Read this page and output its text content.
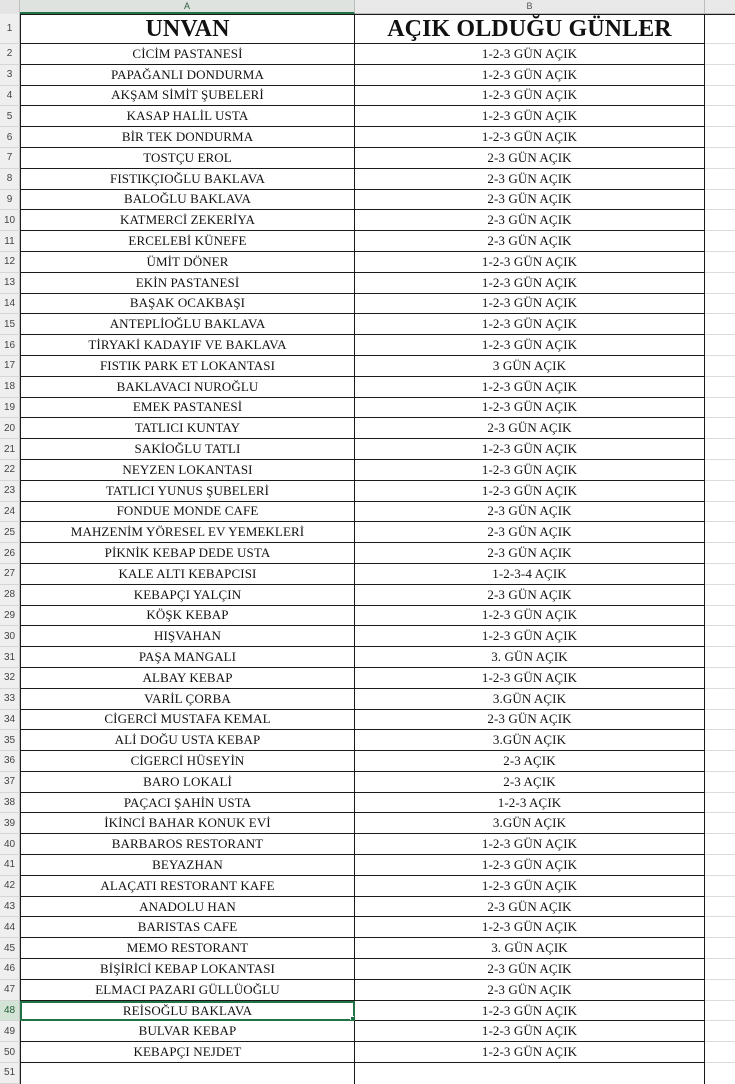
A	B
1	UNVAN	AÇIK OLDUĞU GÜNLER
2	CİCİM PASTANESİ	1-2-3 GÜN AÇIK
3	PAPAĞANLI DONDURMA	1-2-3 GÜN AÇIK
4	AKŞAM SİMİT ŞUBELERİ	1-2-3 GÜN AÇIK
5	KASAP HALİL USTA	1-2-3 GÜN AÇIK
6	BİR TEK DONDURMA	1-2-3 GÜN AÇIK
7	TOSTÇU EROL	2-3 GÜN AÇIK
8	FISTIKÇIOĞLU BAKLAVA	2-3 GÜN AÇIK
9	BALOĞLU BAKLAVA	2-3 GÜN AÇIK
10	KATMERCİ ZEKERİYA	2-3 GÜN AÇIK
11	ERCELEBİ KÜNEFE	2-3 GÜN AÇIK
12	ÜMİT DÖNER	1-2-3 GÜN AÇIK
13	EKİN PASTANESİ	1-2-3 GÜN AÇIK
14	BAŞAK OCAKBAŞI	1-2-3 GÜN AÇIK
15	ANTEPLİOĞLU BAKLAVA	1-2-3 GÜN AÇIK
16	TİRYAKİ KADAYIF VE BAKLAVA	1-2-3 GÜN AÇIK
17	FISTIK PARK ET LOKANTASI	3 GÜN AÇIK
18	BAKLAVACI NUROĞLU	1-2-3 GÜN AÇIK
19	EMEK PASTANESİ	1-2-3 GÜN AÇIK
20	TATLICI KUNTAY	2-3 GÜN AÇIK
21	SAKİOĞLU TATLI	1-2-3 GÜN AÇIK
22	NEYZEN LOKANTASI	1-2-3 GÜN AÇIK
23	TATLICI YUNUS ŞUBELERİ	1-2-3 GÜN AÇIK
24	FONDUE MONDE CAFE	2-3 GÜN AÇIK
25	MAHZENİM YÖRESEL EV YEMEKLERİ	2-3 GÜN AÇIK
26	PİKNİK KEBAP DEDE USTA	2-3 GÜN AÇIK
27	KALE ALTI KEBAPCISI	1-2-3-4 AÇIK
28	KEBAPÇI YALÇIN	2-3 GÜN AÇIK
29	KÖŞK KEBAP	1-2-3 GÜN AÇIK
30	HIŞVAHAN	1-2-3 GÜN AÇIK
31	PAŞA MANGALI	3. GÜN AÇIK
32	ALBAY KEBAP	1-2-3 GÜN AÇIK
33	VARİL ÇORBA	3.GÜN AÇIK
34	CİGERCİ MUSTAFA KEMAL	2-3 GÜN AÇIK
35	ALİ DOĞU USTA KEBAP	3.GÜN AÇIK
36	CİGERCİ HÜSEYİN	2-3 AÇIK
37	BARO LOKALİ	2-3 AÇIK
38	PAÇACI ŞAHİN USTA	1-2-3 AÇIK
39	İKİNCİ BAHAR KONUK EVİ	3.GÜN AÇIK
40	BARBAROS RESTORANT	1-2-3 GÜN AÇIK
41	BEYAZHAN	1-2-3 GÜN AÇIK
42	ALAÇATI RESTORANT KAFE	1-2-3 GÜN AÇIK
43	ANADOLU HAN	2-3 GÜN AÇIK
44	BARISTAS CAFE	1-2-3 GÜN AÇIK
45	MEMO RESTORANT	3. GÜN AÇIK
46	BİŞİRİCİ KEBAP LOKANTASI	2-3 GÜN AÇIK
47	ELMACI PAZARI GÜLLÜOĞLU	2-3 GÜN AÇIK
48	REİSOĞLU BAKLAVA	1-2-3 GÜN AÇIK
49	BULVAR KEBAP	1-2-3 GÜN AÇIK
50	KEBAPÇI NEJDET	1-2-3 GÜN AÇIK
51
